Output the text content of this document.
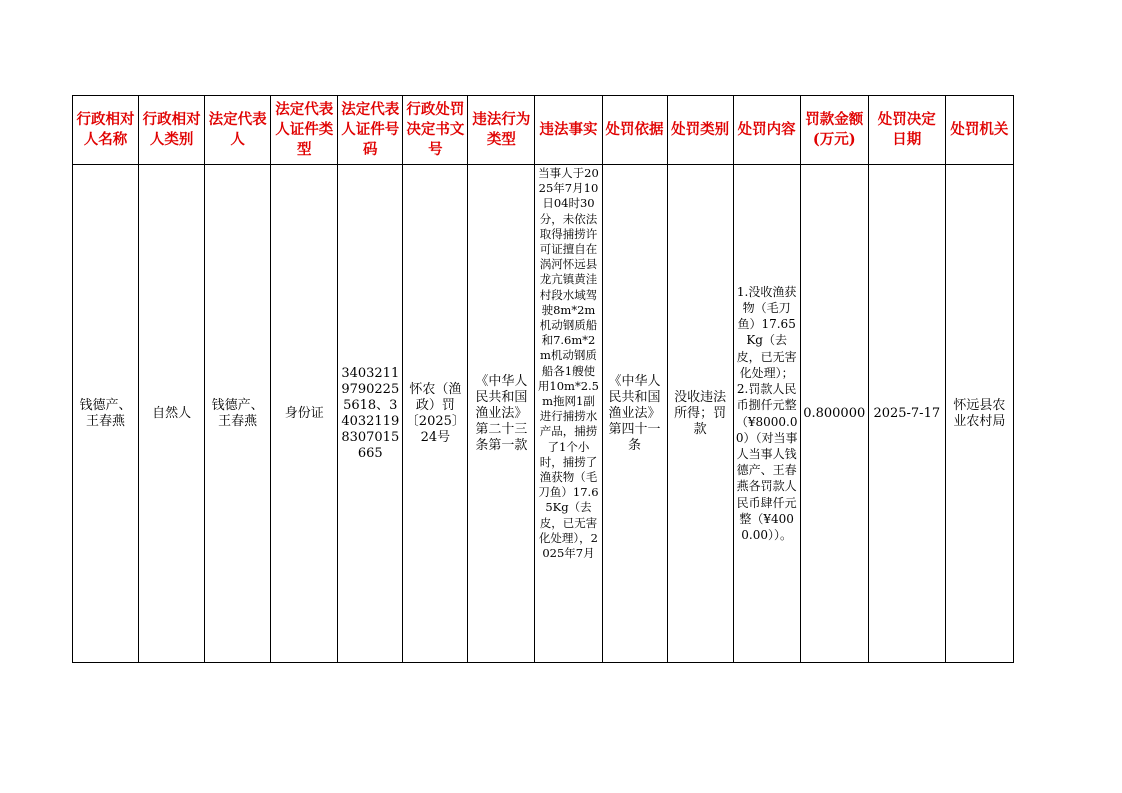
行政相对人名称	行政相对人类别	法定代表人	法定代表人证件类型	法定代表人证件号码	行政处罚决定书文号	违法行为类型	违法事实	处罚依据	处罚类别	处罚内容	罚款金额(万元)	处罚决定日期	处罚机关
钱德产、王春燕	自然人	钱德产、王春燕	身份证	340321197902255618、340321198307015665	怀农（渔政）罚〔2025〕24号	《中华人民共和国渔业法》第二十三条第一款	当事人于2025年7月10日04时30分，未依法取得捕捞许可证擅自在涡河怀远县龙亢镇黄洼村段水域驾驶8m*2m机动钢质船和7.6m*2m机动钢质船各1艘使用10m*2.5m拖网1副进行捕捞水产品，捕捞了1个小时，捕捞了渔获物（毛刀鱼）17.65Kg（去皮，已无害化处理），2025年7月	《中华人民共和国渔业法》第四十一条	没收违法所得；罚款	1.没收渔获物（毛刀鱼）17.65Kg（去皮，已无害化处理）；2.罚款人民币捌仟元整（¥8000.00）（对当事人当事人钱德产、王春燕各罚款人民币肆仟元整（¥4000.00））。	0.800000	2025-7-17	怀远县农业农村局
